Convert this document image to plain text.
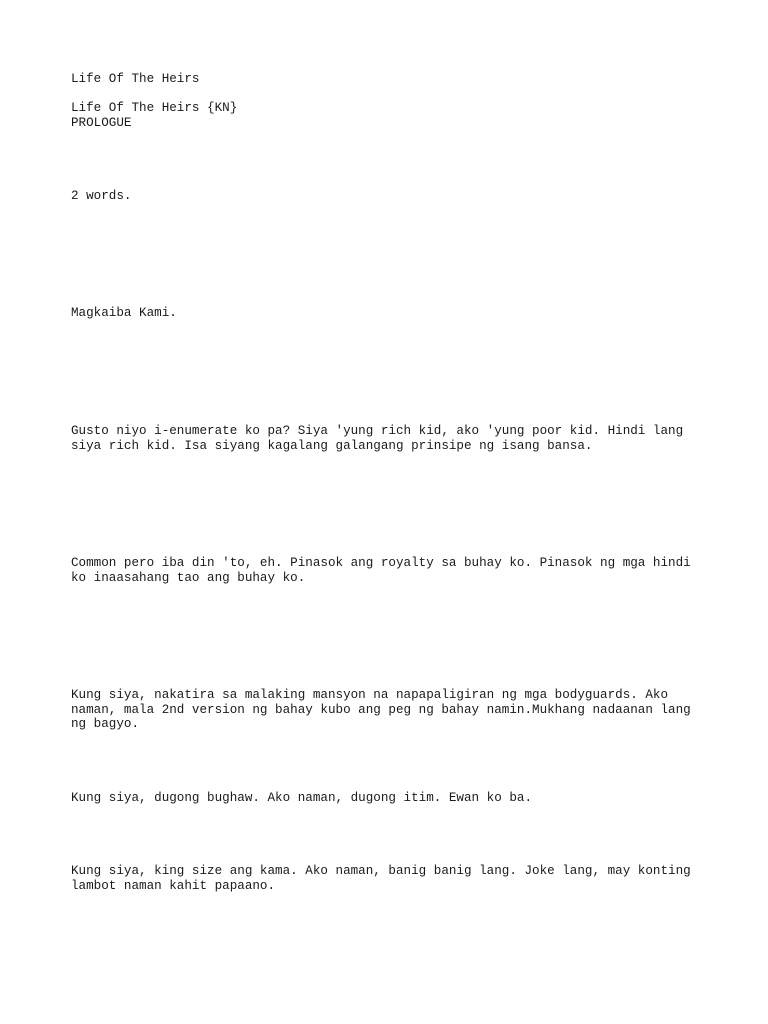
Life Of The Heirs

Life Of The Heirs {KN}

PROLOGUE

2 words.

Magkaiba Kami.

Gusto niyo i-enumerate ko pa? Siya 'yung rich kid, ako 'yung poor kid. Hindi lang
siya rich kid. Isa siyang kagalang galangang prinsipe ng isang bansa.

Common pero iba din 'to, eh. Pinasok ang royalty sa buhay ko. Pinasok ng mga hindi
ko inaasahang tao ang buhay ko.

Kung siya, nakatira sa malaking mansyon na napapaligiran ng mga bodyguards. Ako
naman, mala 2nd version ng bahay kubo ang peg ng bahay namin.Mukhang nadaanan lang
ng bagyo.

Kung siya, dugong bughaw. Ako naman, dugong itim. Ewan ko ba.

Kung siya, king size ang kama. Ako naman, banig banig lang. Joke lang, may konting
lambot naman kahit papaano.
